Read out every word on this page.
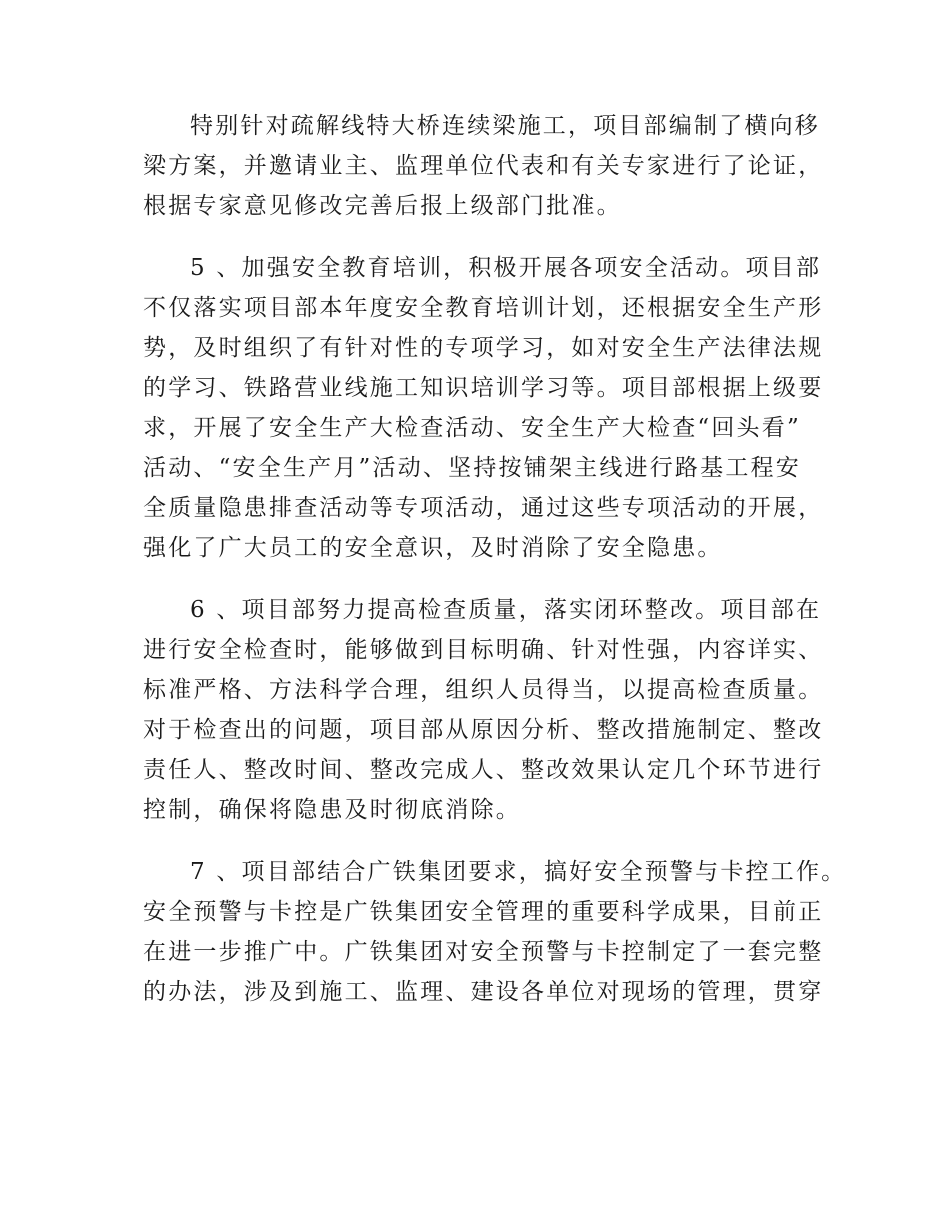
特别针对疏解线特大桥连续梁施工，项目部编制了横向移
梁方案，并邀请业主、监理单位代表和有关专家进行了论证，
根据专家意见修改完善后报上级部门批准。
5 、加强安全教育培训，积极开展各项安全活动。项目部
不仅落实项目部本年度安全教育培训计划，还根据安全生产形
势，及时组织了有针对性的专项学习，如对安全生产法律法规
的学习、铁路营业线施工知识培训学习等。项目部根据上级要
求，开展了安全生产大检查活动、安全生产大检查“回头看”
活动、“安全生产月”活动、坚持按铺架主线进行路基工程安
全质量隐患排查活动等专项活动，通过这些专项活动的开展，
强化了广大员工的安全意识，及时消除了安全隐患。
6 、项目部努力提高检查质量，落实闭环整改。项目部在
进行安全检查时，能够做到目标明确、针对性强，内容详实、
标准严格、方法科学合理，组织人员得当，以提高检查质量。
对于检查出的问题，项目部从原因分析、整改措施制定、整改
责任人、整改时间、整改完成人、整改效果认定几个环节进行
控制，确保将隐患及时彻底消除。
7 、项目部结合广铁集团要求，搞好安全预警与卡控工作。
安全预警与卡控是广铁集团安全管理的重要科学成果，目前正
在进一步推广中。广铁集团对安全预警与卡控制定了一套完整
的办法，涉及到施工、监理、建设各单位对现场的管理，贯穿
